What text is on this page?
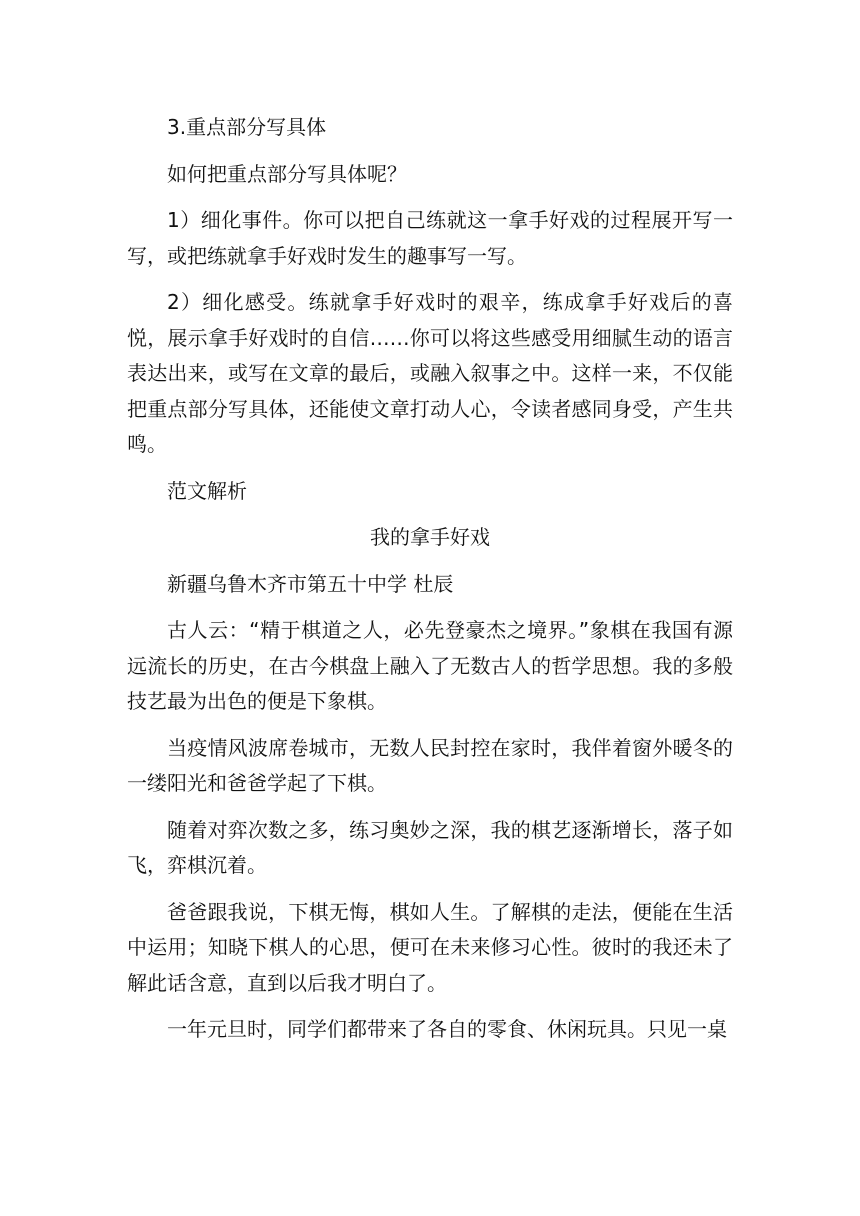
3.重点部分写具体

如何把重点部分写具体呢？

1）细化事件。你可以把自己练就这一拿手好戏的过程展开写一写，或把练就拿手好戏时发生的趣事写一写。

2）细化感受。练就拿手好戏时的艰辛，练成拿手好戏后的喜悦，展示拿手好戏时的自信……你可以将这些感受用细腻生动的语言表达出来，或写在文章的最后，或融入叙事之中。这样一来，不仅能把重点部分写具体，还能使文章打动人心，令读者感同身受，产生共鸣。

范文解析

我的拿手好戏

新疆乌鲁木齐市第五十中学 杜辰

古人云：“精于棋道之人，必先登豪杰之境界。”象棋在我国有源远流长的历史，在古今棋盘上融入了无数古人的哲学思想。我的多般技艺最为出色的便是下象棋。

当疫情风波席卷城市，无数人民封控在家时，我伴着窗外暖冬的一缕阳光和爸爸学起了下棋。

随着对弈次数之多，练习奥妙之深，我的棋艺逐渐增长，落子如飞，弈棋沉着。

爸爸跟我说，下棋无悔，棋如人生。了解棋的走法，便能在生活中运用；知晓下棋人的心思，便可在未来修习心性。彼时的我还未了解此话含意，直到以后我才明白了。

一年元旦时，同学们都带来了各自的零食、休闲玩具。只见一桌
